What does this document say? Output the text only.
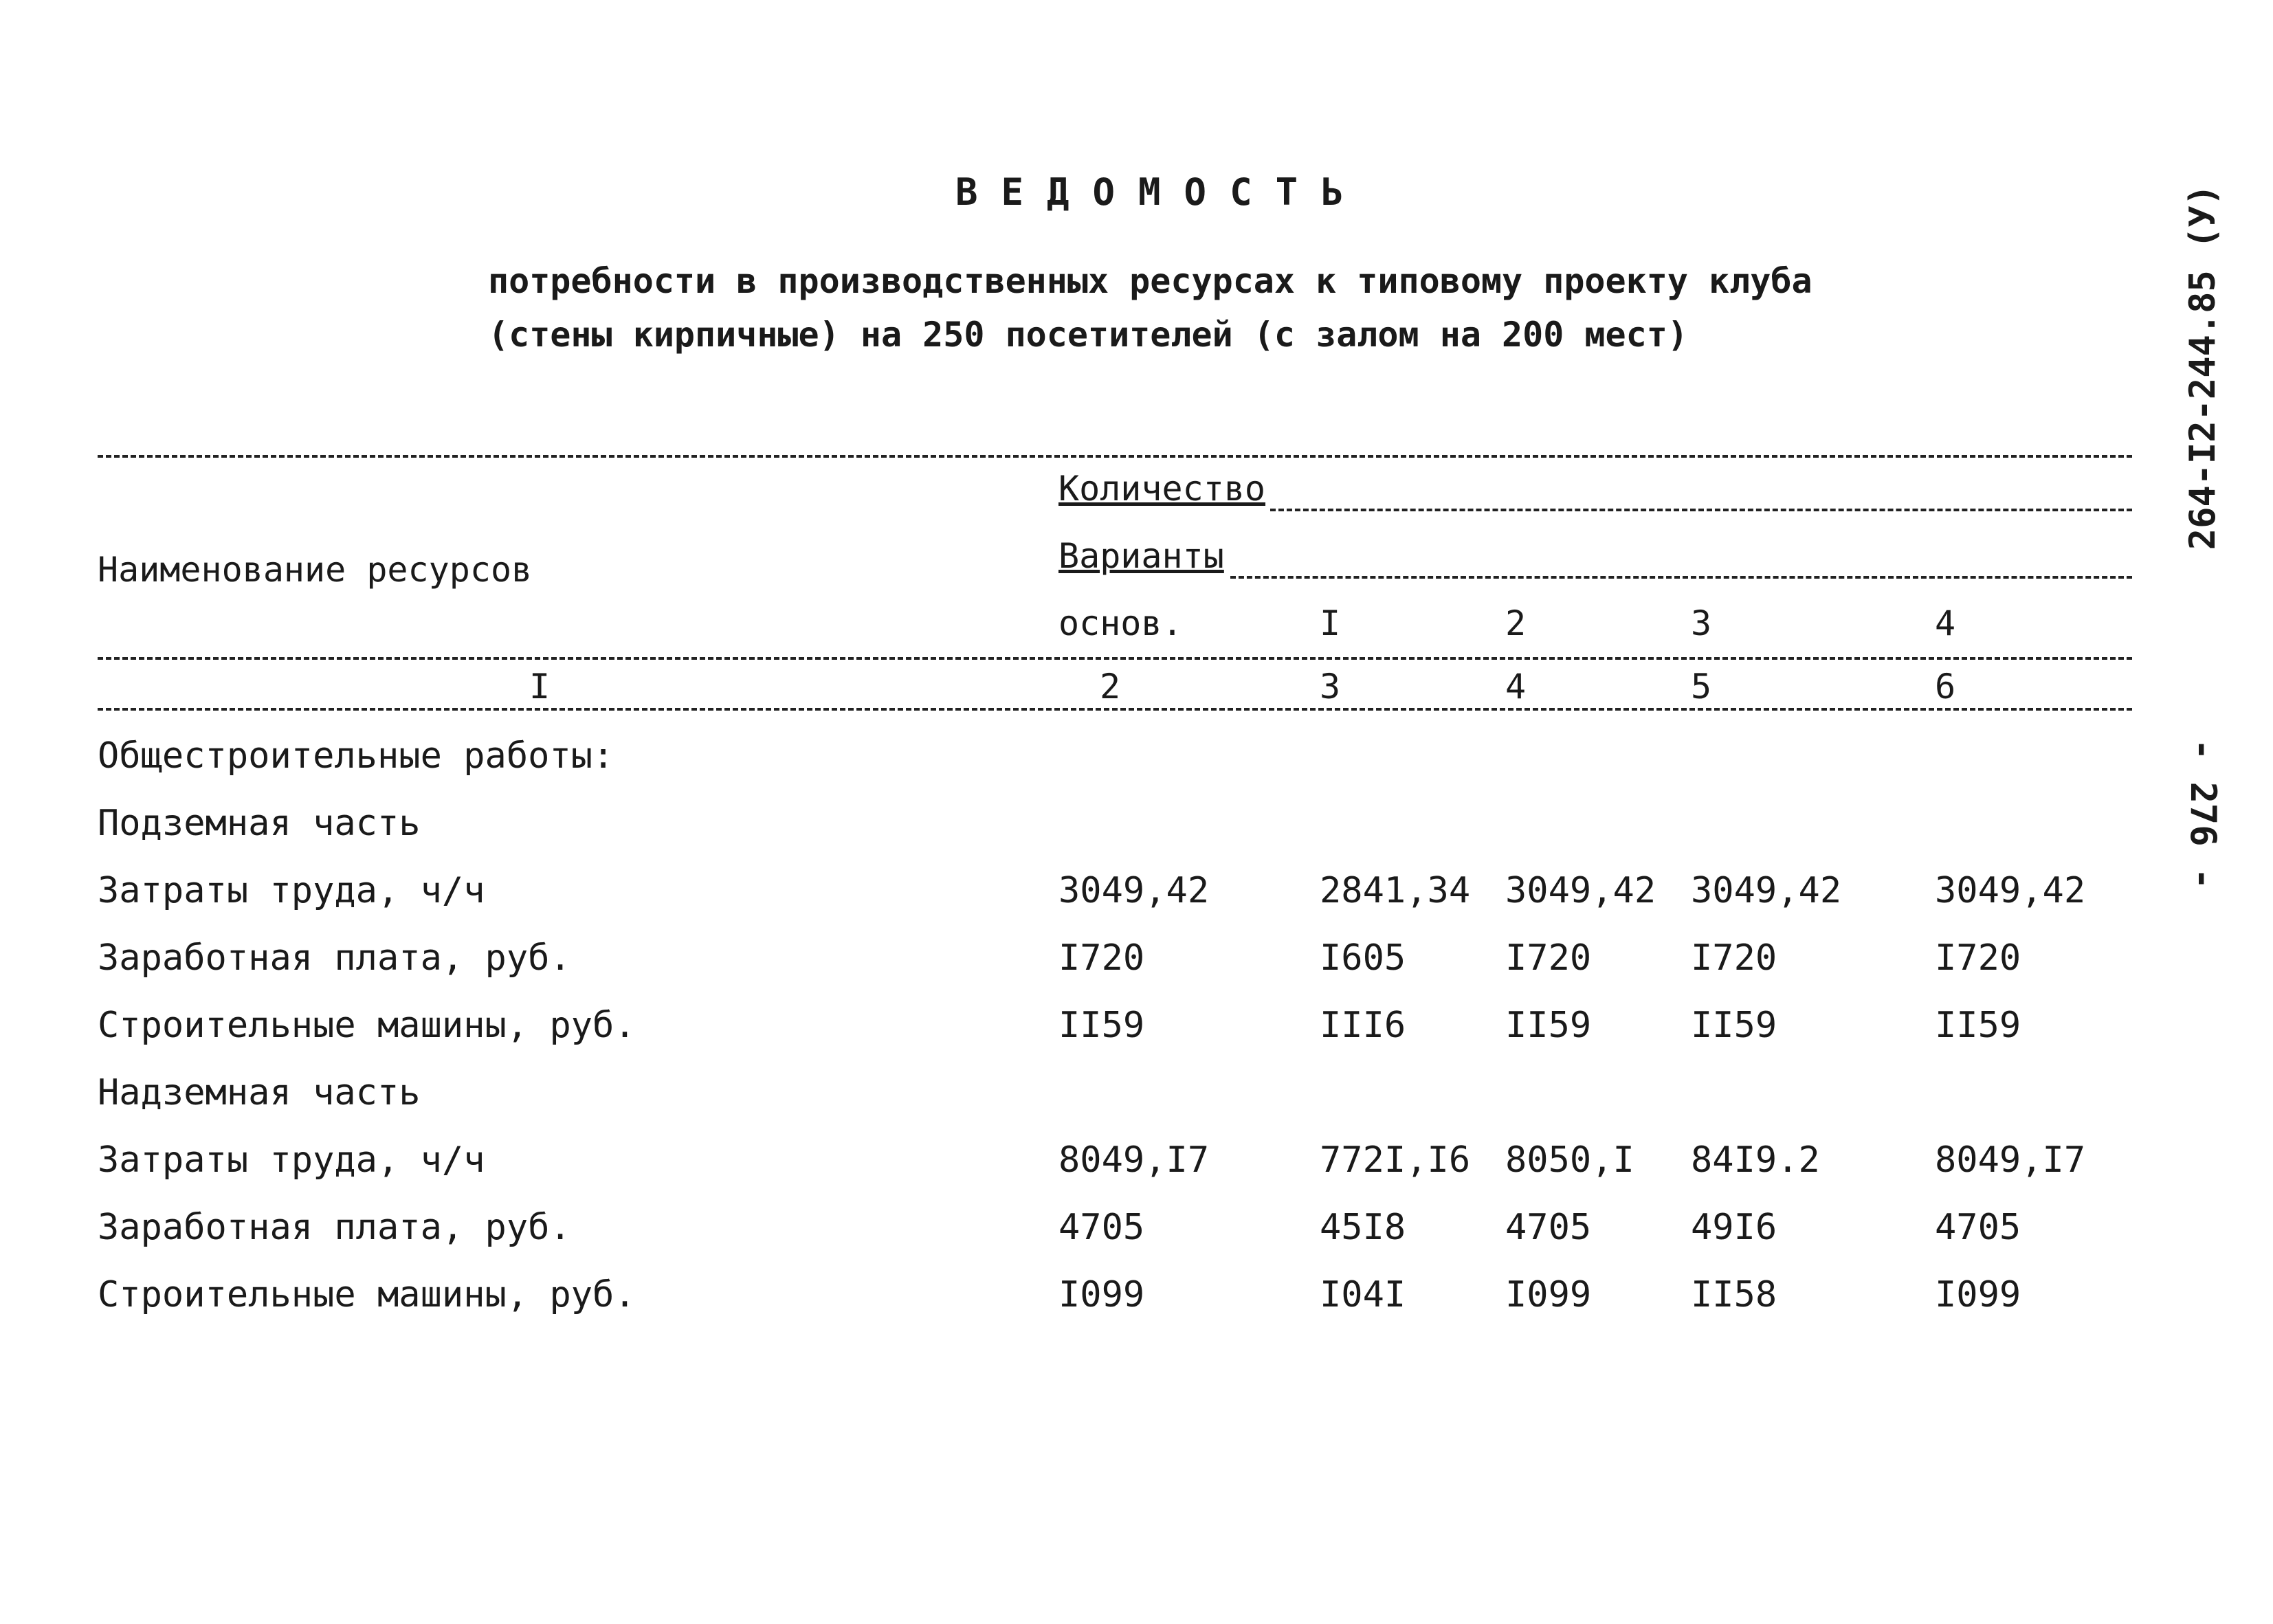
ВЕДОМОСТЬ
потребности в производственных ресурсах к типовому проекту клуба
(стены кирпичные) на 250 посетителей (с залом на 200 мест)	264-I2-244.85 (У)
- 276 -
Наименование ресурсов
Количество
Варианты
основ.	I	2	3	4
I	2	3	4	5	6
Общестроительные работы:
Подземная часть
Затраты труда, ч/ч	3049,42	2841,34 3049,42 3049,42	3049,42
Заработная плата, руб.	I720	I605	I720	I720	I720
Строительные машины, руб.	II59	III6	II59	II59	II59
Надземная часть
Затраты труда, ч/ч	8049,I7	772I,I6 8050,I 84I9.2	8049,I7
Заработная плата, руб.	4705	45I8	4705	49I6	4705
Строительные машины, руб.	I099	I04I	I099	II58	I099
